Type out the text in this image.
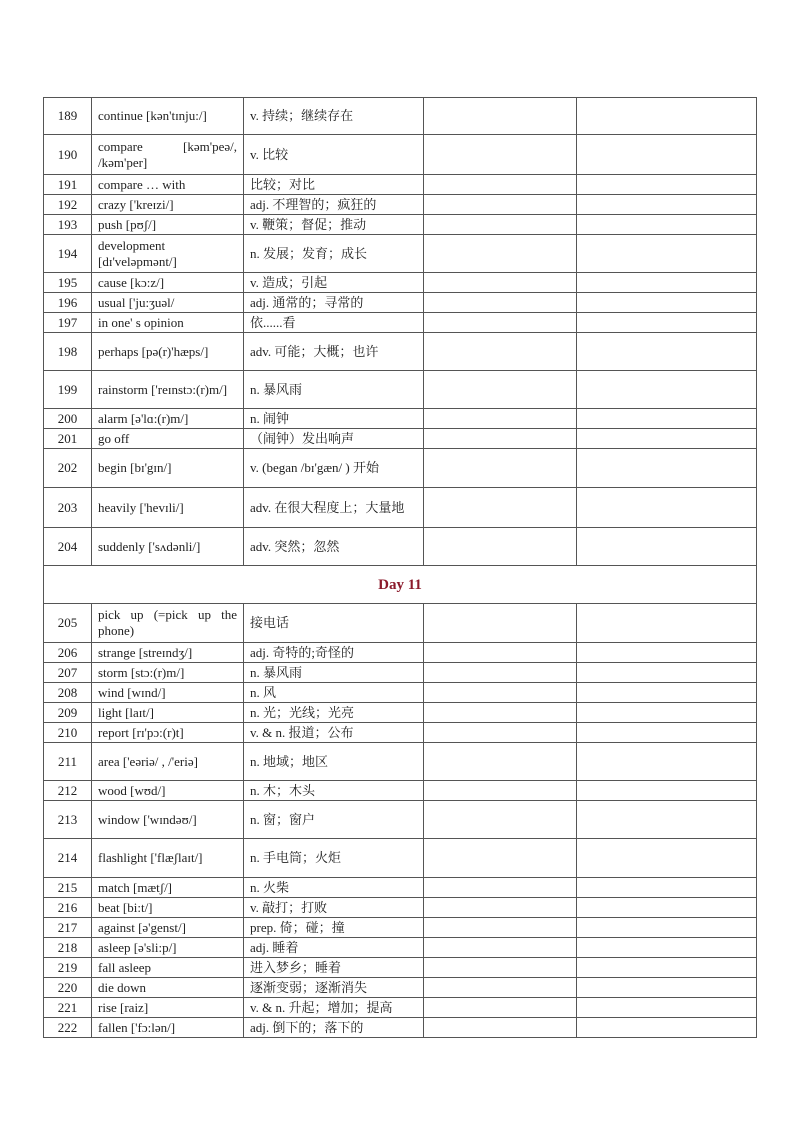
189	continue [kən'tɪnju:/]	v. 持续；继续存在		
190	compare [kəm'peə/, /kəm'per]	v. 比较		
191	compare … with	比较；对比		
192	crazy ['kreɪzi/]	adj. 不理智的；疯狂的		
193	push [pʊʃ/]	v. 鞭策；督促；推动		
194	development [dɪ'veləpmənt/]	n. 发展；发育；成长		
195	cause [kɔ:z/]	v. 造成；引起		
196	usual ['ju:ʒuəl/	adj. 通常的；寻常的		
197	in one' s opinion	依......看		
198	perhaps [pə(r)'hæps/]	adv. 可能；大概；也许		
199	rainstorm ['reɪnstɔ:(r)m/]	n. 暴风雨		
200	alarm [ə'lɑ:(r)m/]	n. 闹钟		
201	go off	（闹钟）发出响声		
202	begin [bɪ'gɪn/]	v. (began /bɪ'gæn/ ) 开始		
203	heavily ['hevɪli/]	adv. 在很大程度上；大量地		
204	suddenly ['sʌdənli/]	adv. 突然；忽然		
Day 11				
205	pick up (=pick up the phone)	接电话		
206	strange [streɪndʒ/]	adj. 奇特的;奇怪的		
207	storm [stɔ:(r)m/]	n. 暴风雨		
208	wind [wɪnd/]	n. 风		
209	light [laɪt/]	n. 光；光线；光亮		
210	report [rɪ'pɔ:(r)t]	v. & n. 报道；公布		
211	area ['eəriə/ , /'eriə]	n. 地域；地区		
212	wood [wʊd/]	n. 木；木头		
213	window ['wɪndəʊ/]	n. 窗；窗户		
214	flashlight ['flæʃlaɪt/]	n. 手电筒；火炬		
215	match [mætʃ/]	n. 火柴		
216	beat [bi:t/]	v. 敲打；打败		
217	against [ə'genst/]	prep. 倚；碰；撞		
218	asleep [ə'sli:p/]	adj. 睡着		
219	fall asleep	进入梦乡；睡着		
220	die down	逐渐变弱；逐渐消失		
221	rise [raiz]	v. & n. 升起；增加；提高		
222	fallen ['fɔ:lən/]	adj. 倒下的；落下的		
